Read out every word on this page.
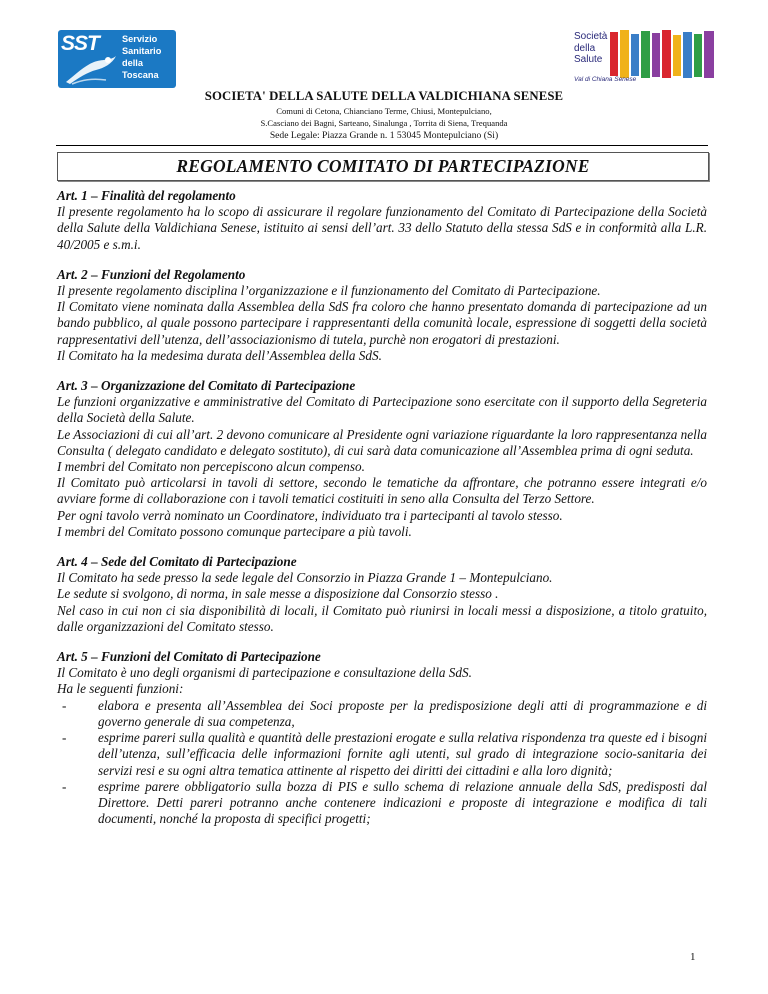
SST	Servizio
Sanitario
della
Toscana
Società
della
Salute
Val di Chiana Senese
SOCIETA' DELLA SALUTE DELLA VALDICHIANA SENESE
Comuni di Cetona, Chianciano Terme, Chiusi, Montepulciano,
S.Casciano dei Bagni, Sarteano, Sinalunga , Torrita di Siena, Trequanda
Sede Legale: Piazza Grande n. 1 53045 Montepulciano (Si)
REGOLAMENTO COMITATO DI PARTECIPAZIONE
Art. 1 – Finalità del regolamento

Il presente regolamento ha lo scopo di assicurare il regolare funzionamento del Comitato di Partecipazione della Società della Salute della Valdichiana Senese, istituito ai sensi dell’art. 33 dello Statuto della stessa SdS e in conformità alla L.R. 40/2005 e s.m.i.

Art. 2 – Funzioni del Regolamento

Il presente regolamento disciplina l’organizzazione e il funzionamento del Comitato di Partecipazione.

Il Comitato viene nominata dalla Assemblea della SdS fra coloro che hanno presentato domanda di partecipazione ad un bando pubblico, al quale possono partecipare i rappresentanti della comunità locale, espressione di soggetti della società rappresentativi dell’utenza, dell’associazionismo di tutela, purchè non erogatori di prestazioni.

Il Comitato ha la medesima durata dell’Assemblea della SdS.

Art. 3 – Organizzazione del Comitato di Partecipazione

Le funzioni organizzative e amministrative del Comitato di Partecipazione sono esercitate con il supporto della Segreteria della Società della Salute.

Le Associazioni di cui all’art. 2 devono comunicare al Presidente ogni variazione riguardante la loro rappresentanza nella Consulta ( delegato candidato e delegato sostituto), di cui sarà data comunicazione all’Assemblea prima di ogni seduta.

I membri del Comitato non percepiscono alcun compenso.

Il Comitato può articolarsi in tavoli di settore, secondo le tematiche da affrontare, che potranno essere integrati e/o avviare forme di collaborazione con i tavoli tematici costituiti in seno alla Consulta del Terzo Settore.

Per ogni tavolo verrà nominato un Coordinatore, individuato tra i partecipanti al tavolo stesso.

I membri del Comitato possono comunque partecipare a più tavoli.

Art. 4 – Sede del Comitato di Partecipazione

Il Comitato ha sede presso la sede legale del Consorzio in Piazza Grande 1 – Montepulciano.

Le sedute si svolgono, di norma, in sale messe a disposizione dal Consorzio stesso .

Nel caso in cui non ci sia disponibilità di locali, il Comitato può riunirsi in locali messi a disposizione, a titolo gratuito, dalle organizzazioni del Comitato stesso.

Art. 5 – Funzioni del Comitato di Partecipazione

Il Comitato è uno degli organismi di partecipazione e consultazione della SdS.

Ha le seguenti funzioni:

- elabora e presenta all’Assemblea dei Soci proposte per la predisposizione degli atti di programmazione e di governo generale di sua competenza,
- esprime pareri sulla qualità e quantità delle prestazioni erogate e sulla relativa rispondenza tra queste ed i bisogni dell’utenza, sull’efficacia delle informazioni fornite agli utenti, sul grado di integrazione socio-sanitaria dei servizi resi e su ogni altra tematica attinente al rispetto dei diritti dei cittadini e alla loro dignità;
- esprime parere obbligatorio sulla bozza di PIS e sullo schema di relazione annuale della SdS, predisposti dal Direttore. Detti pareri potranno anche contenere indicazioni e proposte di integrazione e modifica di tali documenti, nonché la proposta di specifici progetti;
1
